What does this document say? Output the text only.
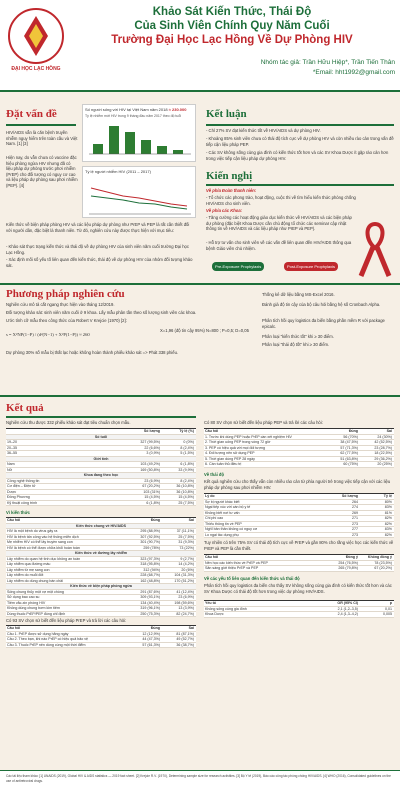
ĐẠI HỌC LẠC HỒNG
Khảo Sát Kiến Thức, Thái Độ
Của Sinh Viên Chính Quy Năm Cuối
Trường Đại Học Lạc Hồng Về Dự Phòng HIV
Nhóm tác giả: Trần Hữu Hiệp*, Trần Tiến Thân
*Email: hht1992@gmail.com
Đặt vấn đề
HIV/AIDS vẫn là căn bệnh truyền nhiễm nguy hiểm trên toàn cầu và Việt Nam. [1] [3]
Hiện nay, do vẫn chưa có vaccine đặc hiệu phòng ngừa HIV nhưng đã có liệu pháp dự phòng trước phơi nhiễm (PrEP) cho đối tượng có nguy cơ cao và liệu pháp dự phòng sau phơi nhiễm (PEP). [4]
Kiến thức về biện pháp phòng HIV và các liệu pháp dự phòng như PrEP và PEP là rất cần thiết đối với người dân, đặc biệt là thanh niên. Từ đó, nghiên cứu này được thực hiện với mục tiêu:
- Khảo sát thực trạng kiến thức và thái độ về dự phòng HIV của sinh viên năm cuối trường Đại học Lạc Hồng.
- Xác định mối số yếu tố liên quan đến kiến thức, thái độ về dự phòng HIV của nhóm đối tượng khảo sát.
Số người sống với HIV tại Việt Nam năm 2018 ≈ 230.000
Tỷ lệ nhiễm mới HIV trong 9 tháng đầu năm 2017 theo độ tuổi
Tỷ lệ người nhiễm HIV (2011 – 2017)
Kết luận
- Chỉ 27% SV đạt kiến thức tốt về HIV/AIDS và dự phòng HIV.
- Khoảng 85% sinh viên chưa có thái độ tích cực về dự phòng HIV và còn nhiều rào cản trong vấn đề tiếp cận liệu pháp PEP.
- Các SV không sống cùng gia đình có kiến thức tốt hơn và các SV Khoa Dược ít gặp rào cản hơn trong việc tiếp cận liệu pháp dự phòng HIV.
Kiến nghị
Về phía Đoàn thanh niên:
- Tổ chức các phong trào, hoạt động, cuộc thi về tìm hiểu kiến thức phòng chống HIV/AIDS cho sinh viên.
Về phía các Khoa:
- Tăng cường các hoạt động giáo dục kiến thức về HIV/AIDS và các biện pháp dự phòng (đặc biệt Khoa Dược cần chủ động tổ chức các seminar cập nhật thông tin về HIV/AIDS và các liệu pháp như PrEP và PEP).
- Hỗ trợ tư vấn cho sinh viên về các vấn đề liên quan đến HIV/AIDS thông qua bệnh Giáo viên chủ nhiệm.
Pre-Exposure Prophylaxis	Post-Exposure Prophylaxis
Phương pháp nghiên cứu
Nghiên cứu mô tả cắt ngang thực hiện vào tháng 12/2019.
Đối tượng khảo sát: sinh viên năm cuối ở 9 khoa. Lấy mẫu phân tần theo số lượng sinh viên các khoa.
Ước tính cỡ mẫu theo công thức của Robert V Krejcie (1970) [2]:
s = X²NP(1−P) / (d²(N−1) + X²P(1−P)) ≈ 260
X=1,96 (độ tin cậy 95%) N=800 ; P=0,5; D=0,05
Dự phòng 30% số mẫu bị thất lạc hoặc không hoàn thành phiếu khảo sát => Phát 338 phiếu.
Thống kê dữ liệu bằng MS-Excel 2016.
Đánh giá độ tin cậy của bộ câu hỏi bằng hệ số Cronbach Alpha.
Phân tích hồi quy logistics đa biến bằng phần mềm R với package epicalc.
Phân loại "kiến thức tốt" khi ≥ 30 điểm.
Phân loại "thái độ tốt" khi ≥ 30 điểm.
Kết quả
Nghiên cứu thu được 332 phiếu khảo sát đạt tiêu chuẩn chọn mẫu.
Số lượng	Tỷ lệ (%)
Số tuổi
19–20	327 (99,5%)	0 (0%)
20–35	22 (6,6%)	8 (2,4%)
36–55	3 (0,9%)	5 (1,5%)
Giới tính
Nam	103 (49,2%)	6 (1,8%)
Nữ	169 (50,8%)	33 (9,9%)
Khoa đang theo học
Công nghệ thông tin	23 (6,9%)	8 (2,4%)
Cơ điện – Điện tử	67 (20,2%)	36 (10,8%)
Dược	103 (31%)	36 (10,8%)
Đông Phương	15 (4,5%)	15 (4,5%)
Kỹ thuật công trình	6 (1,8%)	25 (7,5%)
Vì kiến thức
Câu hỏi	Đúng	Sai
Kiến thức chung về HIV/AIDS
HIV là một bệnh do virus gây ra	295 (88,9%)	37 (11,1%)
HIV là bệnh tấn công vào hệ thống miễn dịch	307 (92,5%)	25 (7,5%)
Mẹ nhiễm HIV có thể lây truyền sang con	301 (90,7%)	31 (9,3%)
HIV là bệnh có thể được chữa khỏi hoàn toàn	259 (78%)	73 (22%)
Kiến thức về đường lây nhiễm
Lây nhiễm do quan hệ tình dục không an toàn	323 (97,3%)	9 (2,7%)
Lây nhiễm qua đường máu	318 (95,8%)	14 (4,2%)
Lây nhiễm từ mẹ sang con	312 (94%)	20 (6%)
Lây nhiễm do muỗi đốt	228 (68,7%)	104 (31,3%)
Lây nhiễm do dùng chung bàn chải	162 (48,8%)	170 (51,2%)
Kiến thức về biện pháp phòng ngừa
Sống chung thủy một vợ một chồng	291 (87,6%)	41 (12,4%)
Sử dụng bao cao su	309 (93,1%)	23 (6,9%)
Tiêm vắc-xin phòng HIV	134 (40,4%)	198 (59,6%)
Không dùng chung bơm kim tiêm	319 (96,1%)	13 (3,9%)
Dùng thuốc PrEP/PEP đúng chỉ định	250 (75,3%)	82 (24,7%)
Có 93 SV chọn sử biết đến liệu pháp PrEP và trả lời các câu hỏi:
Câu hỏi	Đúng	Sai
Câu 1. PrEP được sử dụng hằng ngày	12 (12,9%)	81 (87,1%)
Câu 2. Theo bạn, khi nào PrEP có hiệu quả bảo vệ	44 (47,3%)	49 (52,7%)
Câu 3. Thuốc PrEP nên dùng cùng một thời điểm	57 (61,3%)	36 (38,7%)
Có 80 SV chọn sử biết đến liệu pháp PEP và trả lời các câu hỏi:
Câu hỏi	Đúng	Sai
1. Trước khi dùng PEP hoặc PrEP cần xét nghiệm HIV	56 (70%)	24 (30%)
2. Thời gian uống PEP trong vòng 72 giờ	38 (47,5%)	42 (52,5%)
3. PEP có hiệu quả với mọi đối tượng	57 (71,3%)	23 (28,7%)
4. Đối tượng nên sử dụng PEP	62 (77,5%)	18 (22,5%)
5. Thời gian dùng PEP 28 ngày	51 (63,8%)	29 (36,2%)
6. Cần tuân thủ điều trị	60 (75%)	20 (25%)
Về thái độ
Kết quả nghiên cứu cho thấy vẫn còn nhiều rào cản từ phía người trẻ trong việc tiếp cận với các liệu pháp dự phòng sau phơi nhiễm HIV.
Lý do	Số lượng	Tỷ lệ
Sợ bị người khác biết	264	80%
Ngại tiếp xúc với cán bộ y tế	274	83%
Không biết nơi tư vấn	269	81%
Chi phí cao	271	82%
Thiếu thông tin về PEP	273	82%
Nghĩ bản thân không có nguy cơ	277	83%
Lo ngại tác dụng phụ	273	82%
Tuy nhiên có trên 75% SV có thái độ tích cực về PrEP và gần 80% cho rằng việc học các kiến thức về PrEP và PEP là cần thiết.
Câu hỏi	Đồng ý	Không đồng ý
Nên học các kiến thức về PrEP và PEP	254 (76,5%)	78 (23,5%)
Sẵn sàng giới thiệu PrEP và PEP	265 (79,8%)	67 (20,2%)
Về các yếu tố liên quan đến kiến thức và thái độ
Phân tích hồi quy logistics đa biến cho thấy SV không sống cùng gia đình có kiến thức tốt hơn và các SV Khoa Dược có thái độ tốt hơn trong việc dự phòng HIV/AIDS.
Yếu tố	OR (95% CI)	p
Không sống cùng gia đình	2,1 (1,2–3,5)	0,01
Khoa Dược	2,4 (1,3–4,2)	0,005
Các tài liệu tham khảo: [1] UNAIDS (2019), Global HIV & AIDS statistics — 2019 fact sheet. [2] Krejcie R.V. (1970), Determining sample size for research activities. [3] Bộ Y tế (2019), Báo cáo công tác phòng chống HIV/AIDS. [4] WHO (2016), Consolidated guidelines on the use of antiretroviral drugs.
